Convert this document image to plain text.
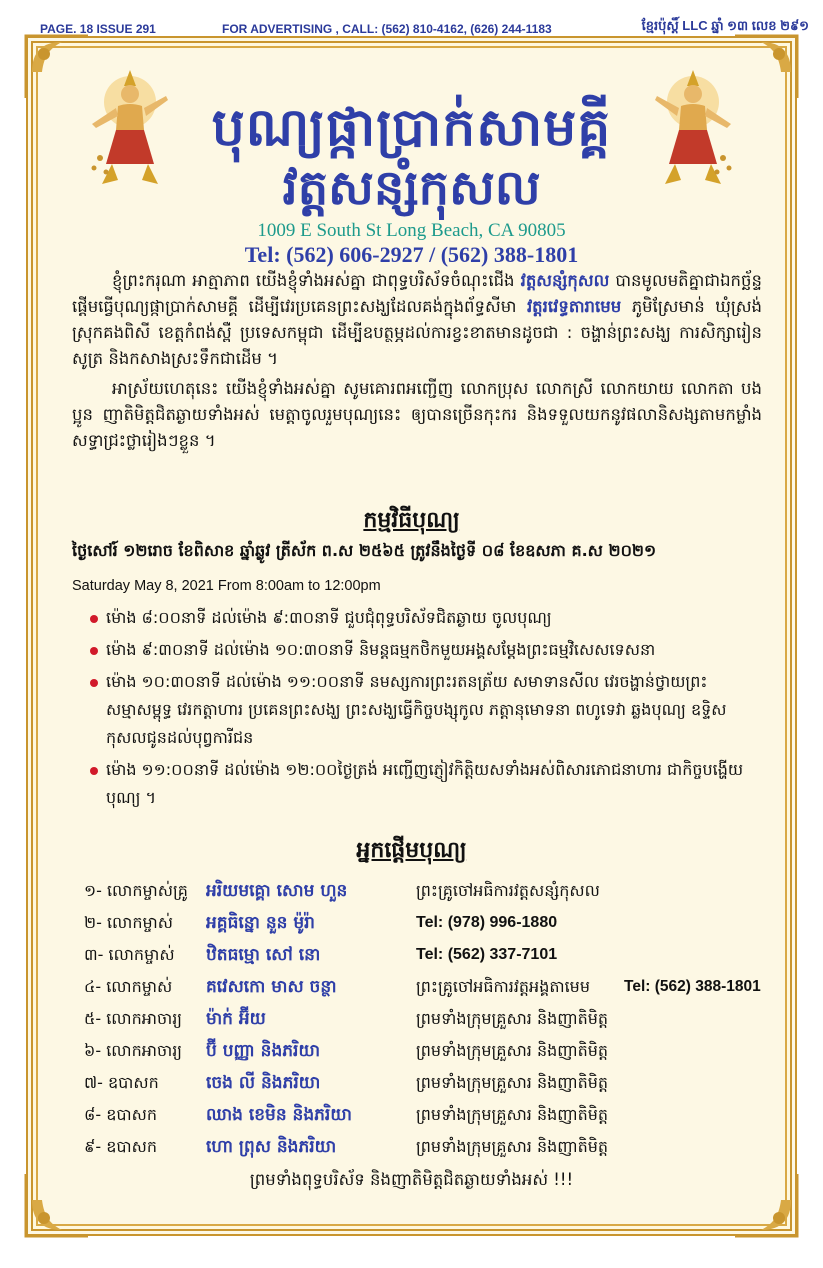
PAGE. 18 ISSUE 291	FOR ADVERTISING , CALL: (562) 810-4162, (626) 244-1183	ខ្មែរប៉ុស្តិ៍ LLC ឆ្នាំ ១៣ លេខ ២៩១
បុណ្យផ្កាប្រាក់សាមគ្គី
វត្តសន្សំកុសល
1009 E South St Long Beach, CA 90805
Tel: (562) 606-2927 / (562) 388-1801
ខ្ញុំព្រះករុណា អាត្មាភាព យើងខ្ញុំទាំងអស់គ្នា ជាពុទ្ធបរិស័ទចំណុះជើង វត្តសន្សំកុសល បានមូលមតិគ្នាជាឯកច្ឆ័ន្ទ ផ្ដើមធ្វើបុណ្យផ្កាប្រាក់សាមគ្គី ដើម្បីវេរប្រគេនព្រះសង្ឃដែលគង់ក្នុងព័ទ្ធសីមា វត្តរវេទ្ធតារាមេម ភូមិស្រែមាន់ ឃុំស្រង់ ស្រុកគងពិសី ខេត្តកំពង់ស្ពឺ ប្រទេសកម្ពុជា ដើម្បីឧបត្ថម្ភដល់ការខ្វះខាតមានដូចជា : ចង្ហាន់ព្រះសង្ឃ ការសិក្សារៀនសូត្រ និងកសាងស្រះទឹកជាដើម ។
អាស្រ័យហេតុនេះ យើងខ្ញុំទាំងអស់គ្នា សូមគោរពអញ្ជើញ លោកប្រុស លោកស្រី លោកយាយ លោកតា បងប្អូន ញាតិមិត្តជិតឆ្ងាយទាំងអស់ មេត្តាចូលរួមបុណ្យនេះ ឲ្យបានច្រើនកុះករ និងទទួលយកនូវផលានិសង្សតាមកម្លាំងសទ្ធាជ្រះថ្លារៀងៗខ្លួន ។
កម្មវិធីបុណ្យ
ថ្ងៃសៅរ៍ ១២រោច ខែពិសាខ ឆ្នាំឆ្លូវ ត្រីស័ក ព.ស ២៥៦៥ ត្រូវនឹងថ្ងៃទី ០៨ ខែឧសភា គ.ស ២០២១
Saturday May 8, 2021 From 8:00am to 12:00pm
ម៉ោង ៨:០០នាទី ដល់ម៉ោង ៩:៣០នាទី ជួបជុំពុទ្ធបរិស័ទជិតឆ្ងាយ ចូលបុណ្យ
ម៉ោង ៩:៣០នាទី ដល់ម៉ោង ១០:៣០នាទី និមន្តធម្មកថិកមួយអង្គសម្ដែងព្រះធម្មវិសេសទេសនា
ម៉ោង ១០:៣០នាទី ដល់ម៉ោង ១១:០០នាទី នមស្សការព្រះរតនត្រ័យ សមាទានសីល វេរចង្ហាន់ថ្វាយព្រះសម្មាសម្ពុទ្ធ វេរកត្តាហារ ប្រគេនព្រះសង្ឃ ព្រះសង្ឃធ្វើកិច្ចបង្សុកូល ភត្តានុមោទនា ពហូទេវា ឆ្លងបុណ្យ ឧទ្ទិសកុសលជូនដល់បុព្វការីជន
ម៉ោង ១១:០០នាទី ដល់ម៉ោង ១២:០០ថ្ងៃត្រង់ អញ្ជើញភ្ញៀវកិត្តិយសទាំងអស់ពិសារភោជនាហារ ជាកិច្ចបង្ហើយបុណ្យ ។
អ្នកផ្ដើមបុណ្យ
១- លោកម្ចាស់គ្រូ អរិយមគ្គោ សោម ហួន	ព្រះគ្រូចៅអធិការវត្តសន្សំកុសល
២- លោកម្ចាស់ អគ្គធិន្នោ នួន ម៉ូរ៉ា	Tel: (978) 996-1880
៣- លោកម្ចាស់ ឋិតធម្មោ សៅ នោ	Tel: (562) 337-7101
៤- លោកម្ចាស់ គវេសកោ មាស ចន្ថា	ព្រះគ្រូចៅអធិការវត្តអង្គតាមេម Tel: (562) 388-1801
៥- លោកអាចារ្យ ម៉ាក់ អ៊ីយ	ព្រមទាំងក្រុមគ្រួសារ និងញាតិមិត្ត
៦- លោកអាចារ្យ ប៊ី បញ្ញា និងភរិយា	ព្រមទាំងក្រុមគ្រួសារ និងញាតិមិត្ត
៧- ឧបាសក	ចេង លី និងភរិយា	ព្រមទាំងក្រុមគ្រួសារ និងញាតិមិត្ត
៨- ឧបាសក	ឈាង ខេមិន និងភរិយា	ព្រមទាំងក្រុមគ្រួសារ និងញាតិមិត្ត
៩- ឧបាសក	ហោ ព្រុស និងភរិយា	ព្រមទាំងក្រុមគ្រួសារ និងញាតិមិត្ត
ព្រមទាំងពុទ្ធបរិស័ទ និងញាតិមិត្តជិតឆ្ងាយទាំងអស់ !!!
